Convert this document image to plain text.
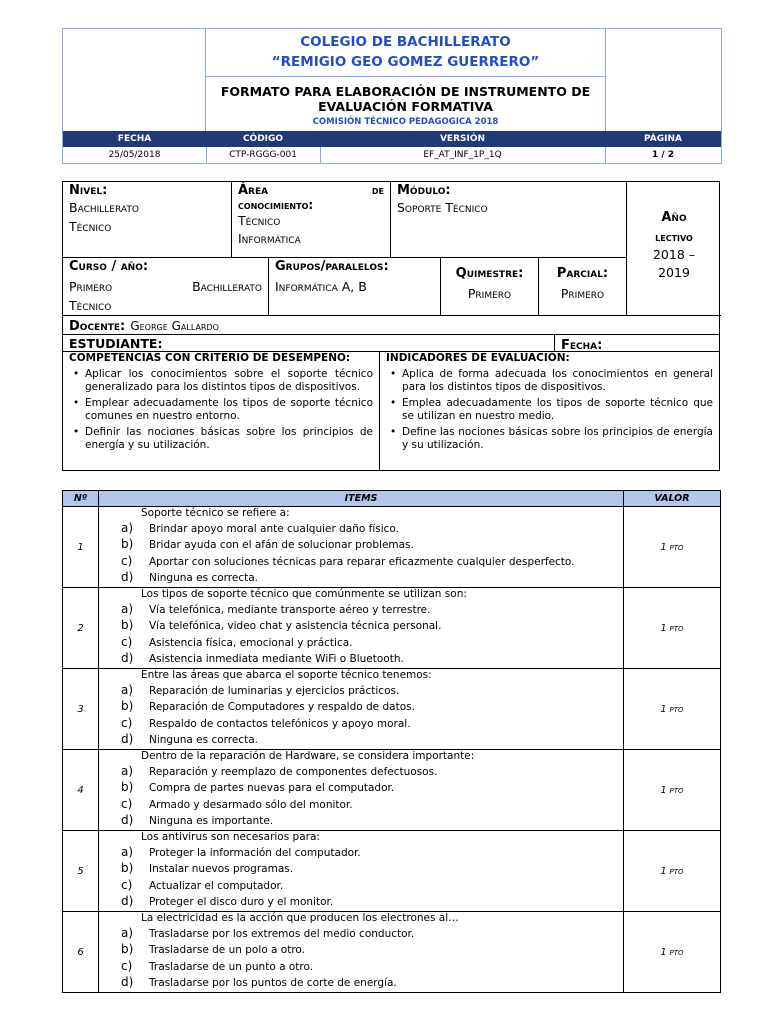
COLEGIO DE BACHILLERATO
“REMIGIO GEO GOMEZ GUERRERO”
FORMATO PARA ELABORACIÓN DE INSTRUMENTO DE
EVALUACIÓN FORMATIVA
COMISIÓN TÉCNICO PEDAGOGICA 2018
FECHA	CÓDIGO	VERSIÓN	PÁGINA
25/05/2018	CTP-RGGG-001	EF_AT_INF_1P_1Q	1 / 2
Nivel:
Bachillerato Técnico
Área	de
conocimiento:
Técnico Informática
Módulo:
Soporte Técnico
Año
lectivo
2018 – 2019
Curso / año:
Primero	Bachillerato
Técnico
Grupos/paralelos:
Informática A, B
Quimestre:
Primero
Parcial:
Primero
Docente: George Gallardo
ESTUDIANTE:	Fecha:
COMPETENCIAS CON CRITERIO DE DESEMPEÑO:
• Aplicar los conocimientos sobre el soporte técnico generalizado para los distintos tipos de dispositivos.
• Emplear adecuadamente los tipos de soporte técnico comunes en nuestro entorno.
• Definir las nociones básicas sobre los principios de energía y su utilización.
INDICADORES DE EVALUACIÓN:
• Aplica de forma adecuada los conocimientos en general para los distintos tipos de dispositivos.
• Emplea adecuadamente los tipos de soporte técnico que se utilizan en nuestro medio.
• Define las nociones básicas sobre los principios de energía y su utilización.
Nº	ITEMS	VALOR
1	Soporte técnico se refiere a:
a) Brindar apoyo moral ante cualquier daño físico.
b) Bridar ayuda con el afán de solucionar problemas.
c) Aportar con soluciones técnicas para reparar eficazmente cualquier desperfecto.
d) Ninguna es correcta.	1 pto
2	Los tipos de soporte técnico que comúnmente se utilizan son:
a) Vía telefónica, mediante transporte aéreo y terrestre.
b) Vía telefónica, video chat y asistencia técnica personal.
c) Asistencia física, emocional y práctica.
d) Asistencia inmediata mediante WiFi o Bluetooth.	1 pto
3	Entre las áreas que abarca el soporte técnico tenemos:
a) Reparación de luminarias y ejercicios prácticos.
b) Reparación de Computadores y respaldo de datos.
c) Respaldo de contactos telefónicos y apoyo moral.
d) Ninguna es correcta.	1 pto
4	Dentro de la reparación de Hardware, se considera importante:
a) Reparación y reemplazo de componentes defectuosos.
b) Compra de partes nuevas para el computador.
c) Armado y desarmado sólo del monitor.
d) Ninguna es importante.	1 pto
5	Los antivirus son necesarios para:
a) Proteger la información del computador.
b) Instalar nuevos programas.
c) Actualizar el computador.
d) Proteger el disco duro y el monitor.	1 pto
6	La electricidad es la acción que producen los electrones al…
a) Trasladarse por los extremos del medio conductor.
b) Trasladarse de un polo a otro.
c) Trasladarse de un punto a otro.
d) Trasladarse por los puntos de corte de energía.	1 pto
